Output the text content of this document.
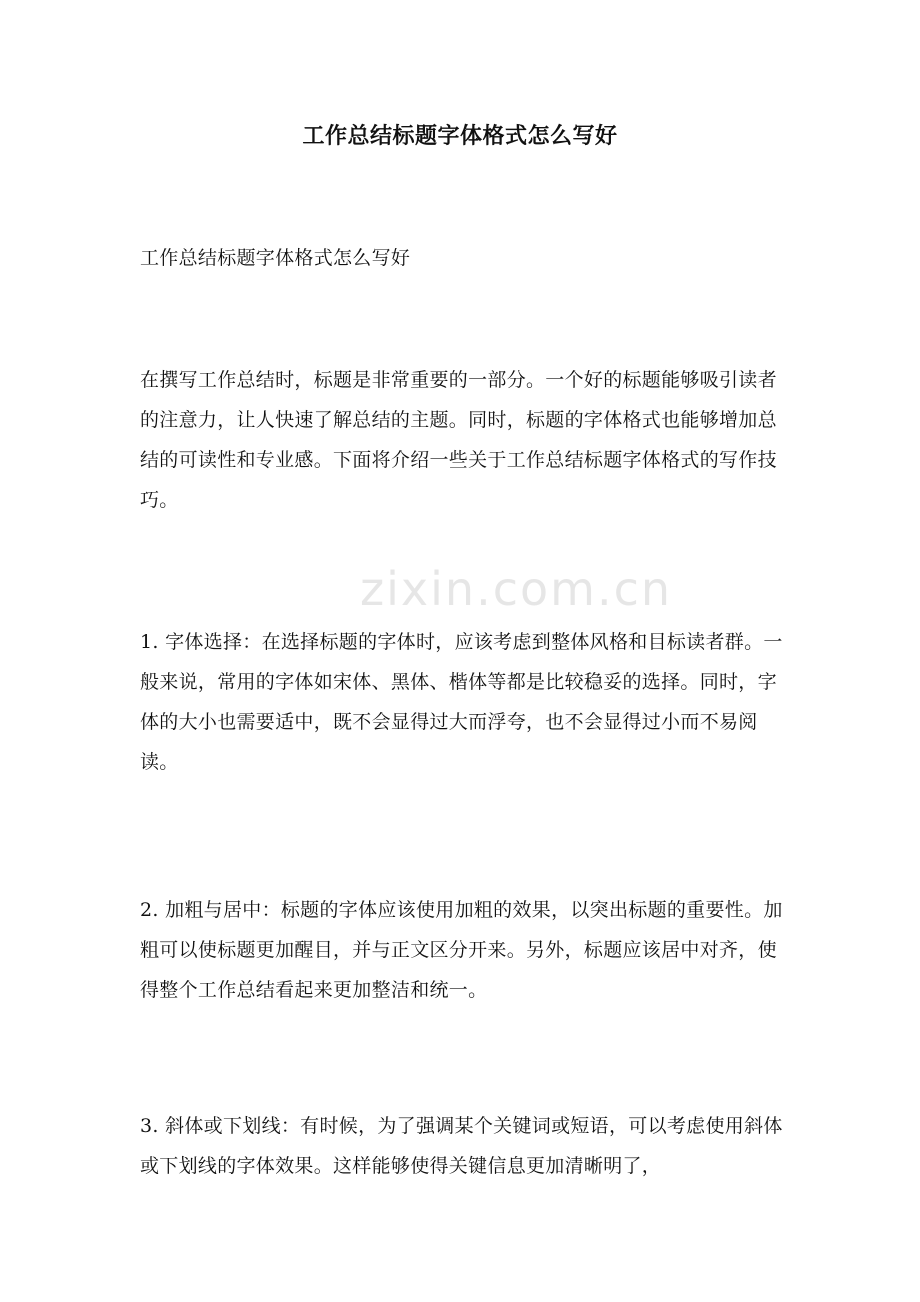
工作总结标题字体格式怎么写好

工作总结标题字体格式怎么写好

在撰写工作总结时，标题是非常重要的一部分。一个好的标题能够吸引读者的注意力，让人快速了解总结的主题。同时，标题的字体格式也能够增加总结的可读性和专业感。下面将介绍一些关于工作总结标题字体格式的写作技巧。

1. 字体选择：在选择标题的字体时，应该考虑到整体风格和目标读者群。一般来说，常用的字体如宋体、黑体、楷体等都是比较稳妥的选择。同时，字体的大小也需要适中，既不会显得过大而浮夸，也不会显得过小而不易阅读。

2. 加粗与居中：标题的字体应该使用加粗的效果，以突出标题的重要性。加粗可以使标题更加醒目，并与正文区分开来。另外，标题应该居中对齐，使得整个工作总结看起来更加整洁和统一。

3. 斜体或下划线：有时候，为了强调某个关键词或短语，可以考虑使用斜体或下划线的字体效果。这样能够使得关键信息更加清晰明了，

zixin.com.cn
